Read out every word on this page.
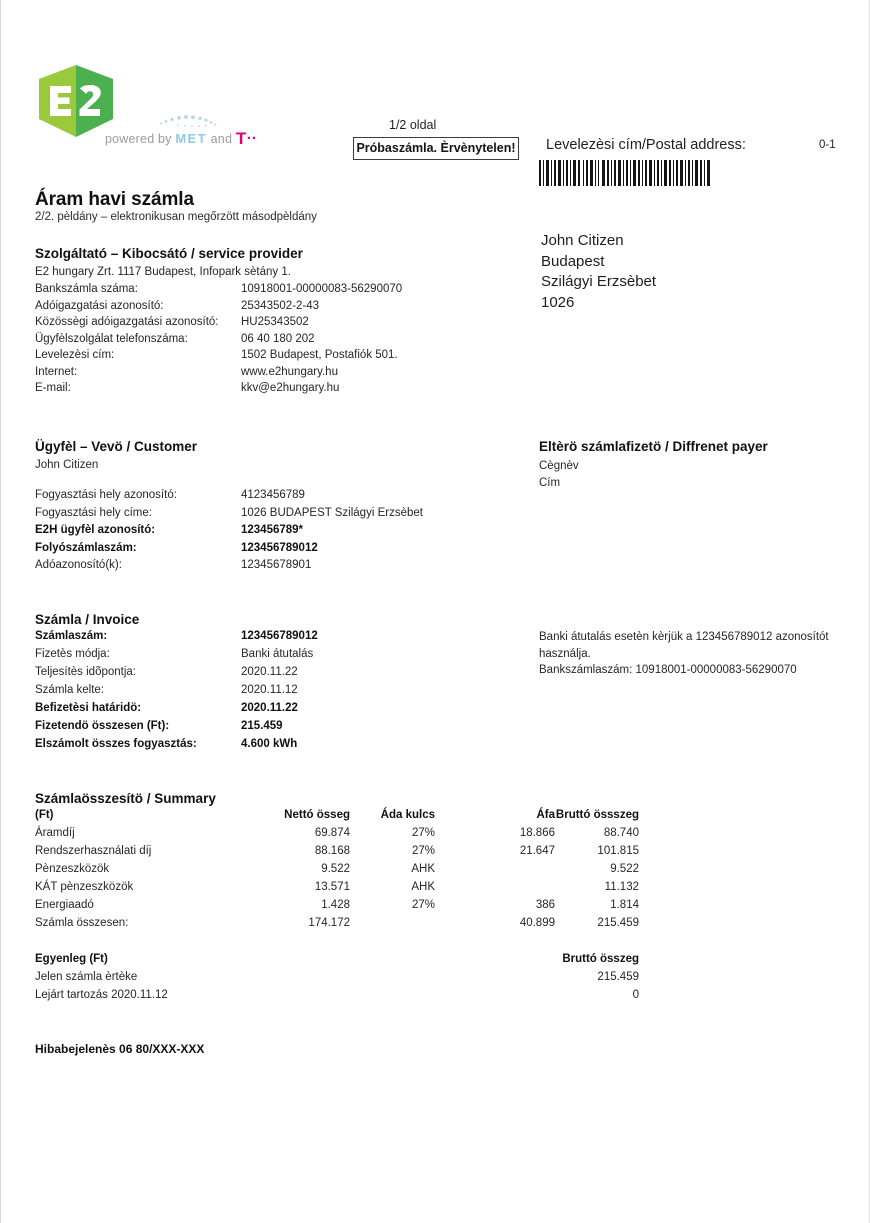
powered by MET and T··
1/2 oldal
Próbaszámla. Èrvènytelen! Levelezèsi cím/Postal address:	0-1
John Citizen
Budapest
Szilágyi Erzsèbet
1026
Áram havi számla
2/2. pèldány – elektronikusan megőrzött másodpèldány
Szolgáltató – Kibocsátó / service provider
E2 hungary Zrt. 1117 Budapest, Infopark sètány 1.
Bankszámla száma:	10918001-00000083-56290070
Adóigazgatási azonosító:	25343502-2-43
Közössègi adóigazgatási azonosító: HU25343502
Ügyfèlszolgálat telefonszáma:	06 40 180 202
Levelezèsi cím:	1502 Budapest, Postafiók 501.
Internet:	www.e2hungary.hu
E-mail:	kkv@e2hungary.hu
Ügyfèl – Vevö / Customer
John Citizen
Fogyasztási hely azonosító:	4123456789
Fogyasztási hely címe:	1026 BUDAPEST Szilágyi Erzsèbet
E2H ügyfèl azonosító:	123456789*
Folyószámlaszám:	123456789012
Adóazonosító(k):	12345678901
Eltèrö számlafizetö / Diffrenet payer
Cègnèv
Cím
Számla / Invoice
Számlaszám:	123456789012
Fizetès módja:	Banki átutalás
Teljesítès idõpontja:	2020.11.22
Számla kelte:	2020.11.12
Befizetèsi határidö:	2020.11.22
Fizetendö összesen (Ft):	215.459
Elszámolt összes fogyasztás:	4.600 kWh
Banki átutalás esetèn kèrjük a 123456789012 azonosítót
használja.
Bankszámlaszám: 10918001-00000083-56290070
Számlaösszesítö / Summary
(Ft)	Nettó össeg	Áda kulcs	Áfa	Bruttó össszeg
Áramdíj	69.874	27%	18.866	88.740
Rendszerhasználati díj	88.168	27%	21.647	101.815
Pènzeszközök	9.522	AHK		9.522
KÁT pènzeszközök	13.571	AHK		11.132
Energiaadó	1.428	27%	386	1.814
Számla összesen:	174.172		40.899	215.459
Egyenleg (Ft)	Bruttó összeg
Jelen számla èrtèke	215.459
Lejárt tartozás 2020.11.12	0
Hibabejelenès 06 80/XXX-XXX
